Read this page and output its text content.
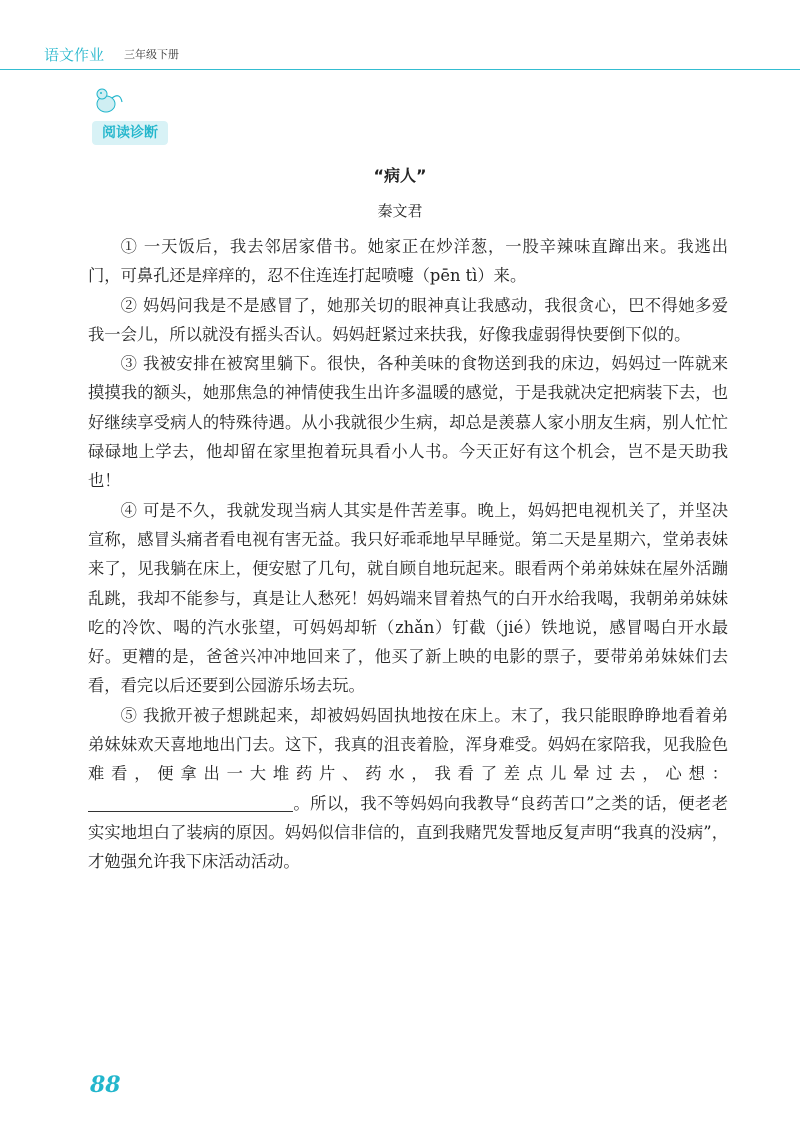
语文作业 三年级下册
阅读诊断
“病人”
秦文君

① 一天饭后，我去邻居家借书。她家正在炒洋葱，一股辛辣味直蹿出来。我逃出门，可鼻孔还是痒痒的，忍不住连连打起喷嚏（pēn tì）来。

② 妈妈问我是不是感冒了，她那关切的眼神真让我感动，我很贪心，巴不得她多爱我一会儿，所以就没有摇头否认。妈妈赶紧过来扶我，好像我虚弱得快要倒下似的。

③ 我被安排在被窝里躺下。很快，各种美味的食物送到我的床边，妈妈过一阵就来摸摸我的额头，她那焦急的神情使我生出许多温暖的感觉，于是我就决定把病装下去，也好继续享受病人的特殊待遇。从小我就很少生病，却总是羡慕人家小朋友生病，别人忙忙碌碌地上学去，他却留在家里抱着玩具看小人书。今天正好有这个机会，岂不是天助我也！

④ 可是不久，我就发现当病人其实是件苦差事。晚上，妈妈把电视机关了，并坚决宣称，感冒头痛者看电视有害无益。我只好乖乖地早早睡觉。第二天是星期六，堂弟表妹来了，见我躺在床上，便安慰了几句，就自顾自地玩起来。眼看两个弟弟妹妹在屋外活蹦乱跳，我却不能参与，真是让人愁死！妈妈端来冒着热气的白开水给我喝，我朝弟弟妹妹吃的冷饮、喝的汽水张望，可妈妈却斩（zhǎn）钉截（jié）铁地说，感冒喝白开水最好。更糟的是，爸爸兴冲冲地回来了，他买了新上映的电影的票子，要带弟弟妹妹们去看，看完以后还要到公园游乐场去玩。

⑤ 我掀开被子想跳起来，却被妈妈固执地按在床上。末了，我只能眼睁睁地看着弟弟妹妹欢天喜地地出门去。这下，我真的沮丧着脸，浑身难受。妈妈在家陪我，见我脸色难看，便拿出一大堆药片、药水，我看了差点儿晕过去，心想：。所以，我不等妈妈向我教导“良药苦口”之类的话，便老老实实地坦白了装病的原因。妈妈似信非信的，直到我赌咒发誓地反复声明“我真的没病”，才勉强允许我下床活动活动。

88
